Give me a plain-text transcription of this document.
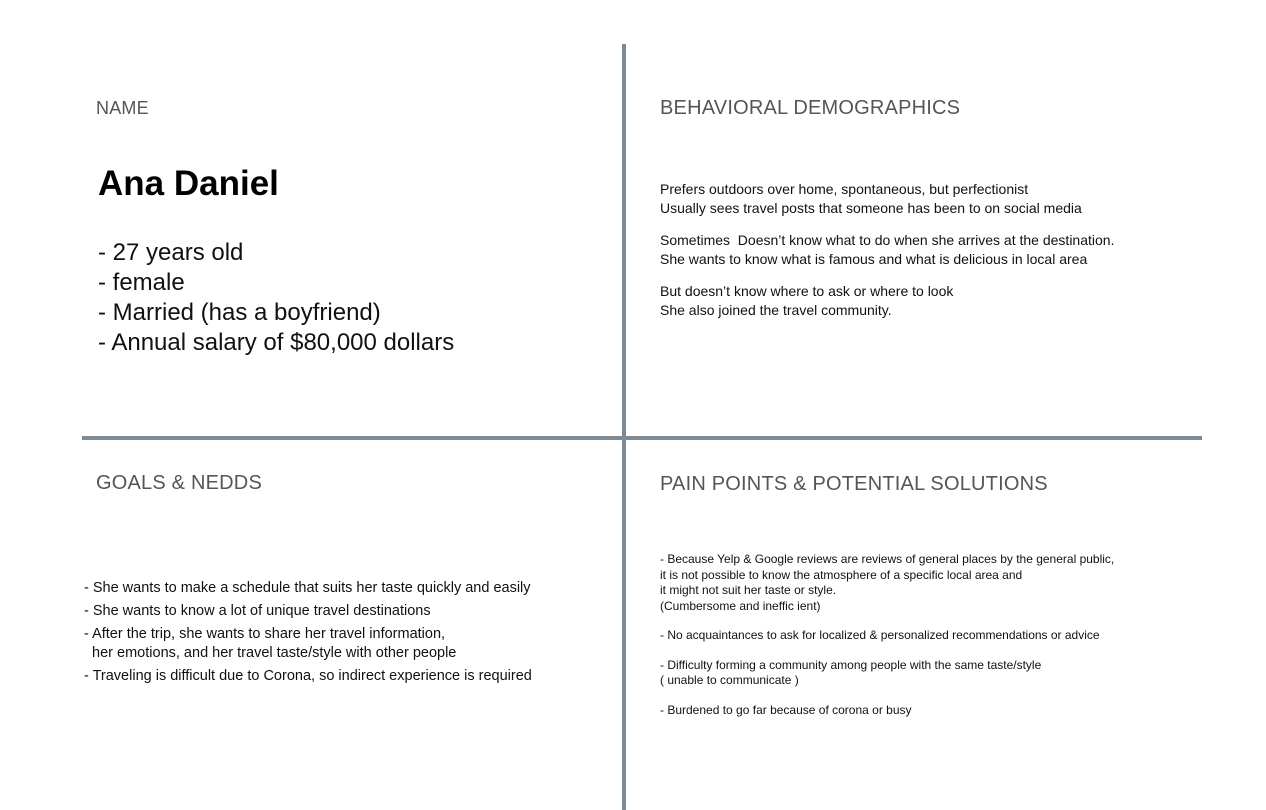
NAME
Ana Daniel
- 27 years old
- female
- Married (has a boyfriend)
- Annual salary of $80,000 dollars
BEHAVIORAL DEMOGRAPHICS

Prefers outdoors over home, spontaneous, but perfectionist
Usually sees travel posts that someone has been to on social media

Sometimes  Doesn’t know what to do when she arrives at the destination.
She wants to know what is famous and what is delicious in local area

But doesn’t know where to ask or where to look
She also joined the travel community.

GOALS & NEDDS
- She wants to make a schedule that suits her taste quickly and easily
- She wants to know a lot of unique travel destinations
- After the trip, she wants to share her travel information,
her emotions, and her travel taste/style with other people
- Traveling is difficult due to Corona, so indirect experience is required
PAIN POINTS & POTENTIAL SOLUTIONS

- Because Yelp & Google reviews are reviews of general places by the general public,
it is not possible to know the atmosphere of a specific local area and
it might not suit her taste or style.
(Cumbersome and ineffic ient)

- No acquaintances to ask for localized & personalized recommendations or advice

- Difficulty forming a community among people with the same taste/style
( unable to communicate )

- Burdened to go far because of corona or busy
